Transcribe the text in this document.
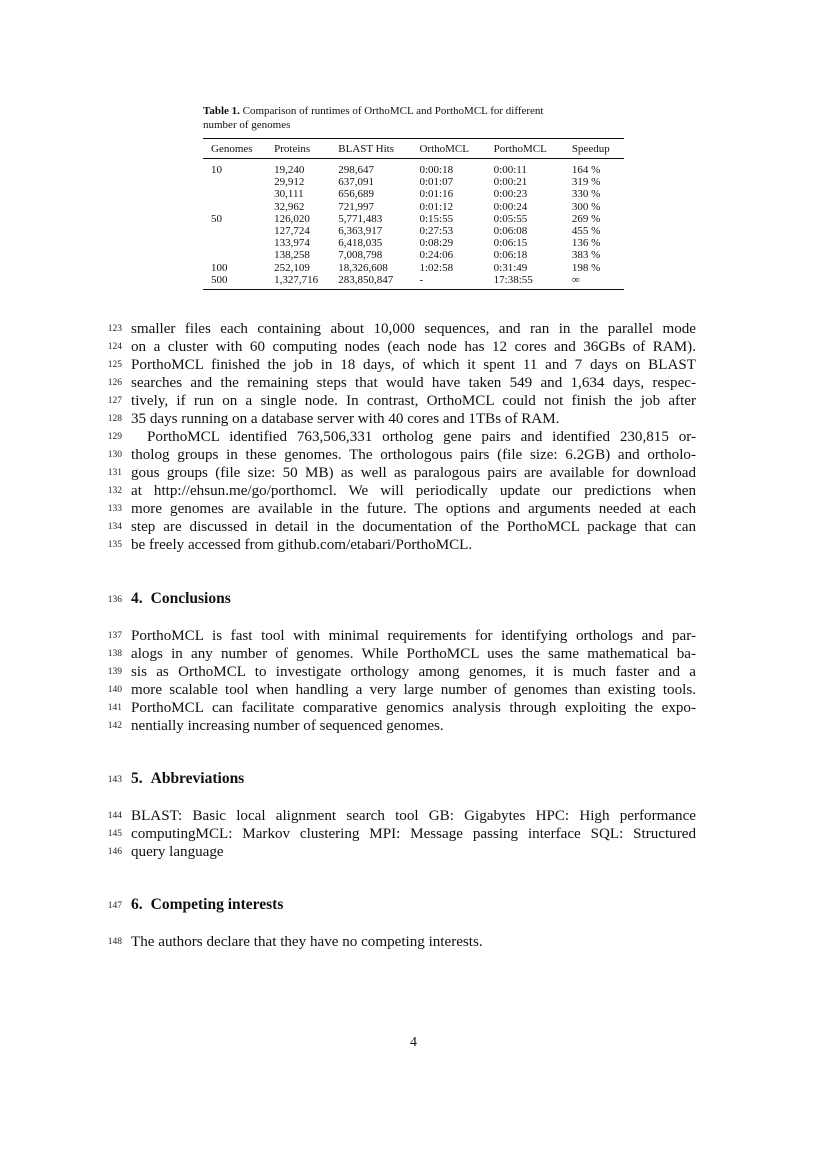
Table 1. Comparison of runtimes of OrthoMCL and PorthoMCL for different
number of genomes
Genomes	Proteins	BLAST Hits	OrthoMCL	PorthoMCL	Speedup
10	19,240	298,647	0:00:18	0:00:11	164 %
	29,912	637,091	0:01:07	0:00:21	319 %
	30,111	656,689	0:01:16	0:00:23	330 %
	32,962	721,997	0:01:12	0:00:24	300 %
50	126,020	5,771,483	0:15:55	0:05:55	269 %
	127,724	6,363,917	0:27:53	0:06:08	455 %
	133,974	6,418,035	0:08:29	0:06:15	136 %
	138,258	7,008,798	0:24:06	0:06:18	383 %
100	252,109	18,326,608	1:02:58	0:31:49	198 %
500	1,327,716	283,850,847	-	17:38:55	∞
123 smaller files each containing about 10,000 sequences, and ran in the parallel mode
124 on a cluster with 60 computing nodes (each node has 12 cores and 36GBs of RAM).
125 PorthoMCL finished the job in 18 days, of which it spent 11 and 7 days on BLAST
126 searches and the remaining steps that would have taken 549 and 1,634 days, respec-
127 tively, if run on a single node. In contrast, OrthoMCL could not finish the job after
128 35 days running on a database server with 40 cores and 1TBs of RAM.
129 PorthoMCL identified 763,506,331 ortholog gene pairs and identified 230,815 or-
130 tholog groups in these genomes. The orthologous pairs (file size: 6.2GB) and ortholo-
131 gous groups (file size: 50 MB) as well as paralogous pairs are available for download
132 at http://ehsun.me/go/porthomcl. We will periodically update our predictions when
133 more genomes are available in the future. The options and arguments needed at each
134 step are discussed in detail in the documentation of the PorthoMCL package that can
135 be freely accessed from github.com/etabari/PorthoMCL.
136 4. Conclusions
137 PorthoMCL is fast tool with minimal requirements for identifying orthologs and par-
138 alogs in any number of genomes. While PorthoMCL uses the same mathematical ba-
139 sis as OrthoMCL to investigate orthology among genomes, it is much faster and a
140 more scalable tool when handling a very large number of genomes than existing tools.
141 PorthoMCL can facilitate comparative genomics analysis through exploiting the expo-
142 nentially increasing number of sequenced genomes.
143 5. Abbreviations
144 BLAST: Basic local alignment search tool GB: Gigabytes HPC: High performance
145 computingMCL: Markov clustering MPI: Message passing interface SQL: Structured
146 query language
147 6. Competing interests
148 The authors declare that they have no competing interests.
4
